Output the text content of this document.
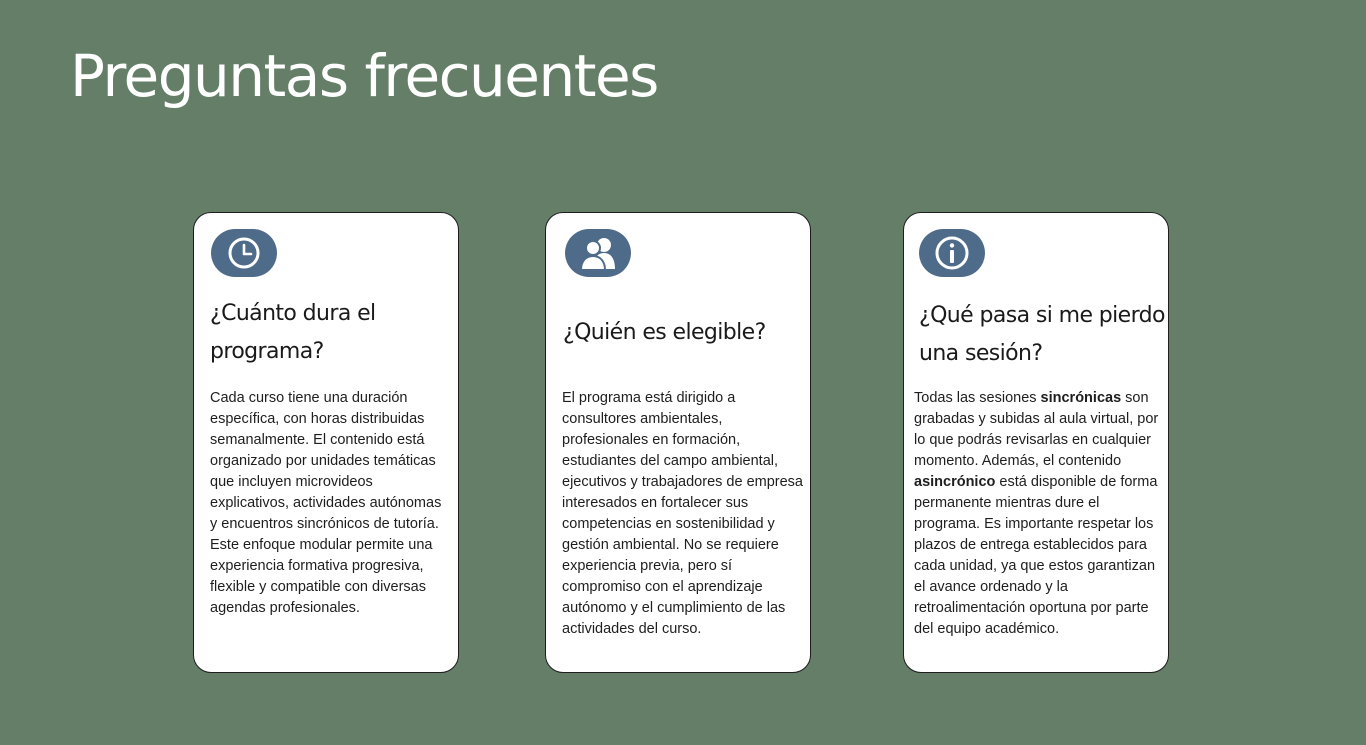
Preguntas frecuentes
¿Cuánto dura el programa?

Cada curso tiene una duración específica, con horas distribuidas semanalmente. El contenido está organizado por unidades temáticas que incluyen microvideos explicativos, actividades autónomas y encuentros sincrónicos de tutoría. Este enfoque modular permite una experiencia formativa progresiva, flexible y compatible con diversas agendas profesionales.

¿Quién es elegible?

El programa está dirigido a consultores ambientales, profesionales en formación, estudiantes del campo ambiental, ejecutivos y trabajadores de empresa interesados en fortalecer sus competencias en sostenibilidad y gestión ambiental. No se requiere experiencia previa, pero sí compromiso con el aprendizaje autónomo y el cumplimiento de las actividades del curso.

¿Qué pasa si me pierdo una sesión?

Todas las sesiones sincrónicas son grabadas y subidas al aula virtual, por lo que podrás revisarlas en cualquier momento. Además, el contenido asincrónico está disponible de forma permanente mientras dure el programa. Es importante respetar los plazos de entrega establecidos para cada unidad, ya que estos garantizan el avance ordenado y la retroalimentación oportuna por parte del equipo académico.
